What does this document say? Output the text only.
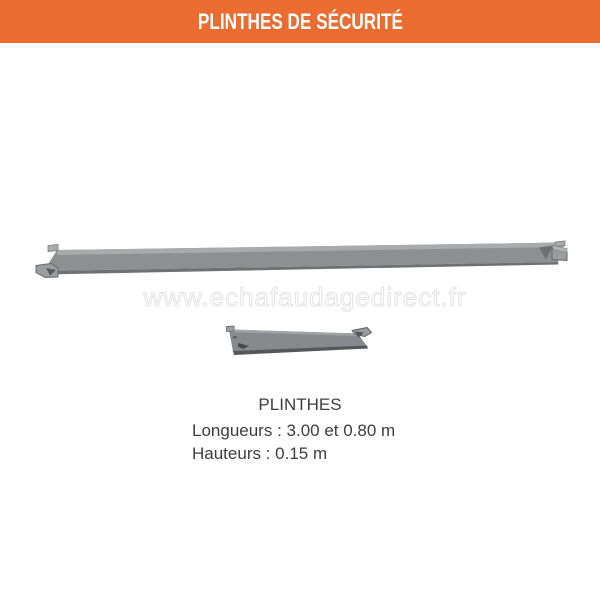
PLINTHES DE SÉCURITÉ
www.echafaudagedirect.fr
PLINTHES
Longueurs : 3.00 et 0.80 m
Hauteurs : 0.15 m
